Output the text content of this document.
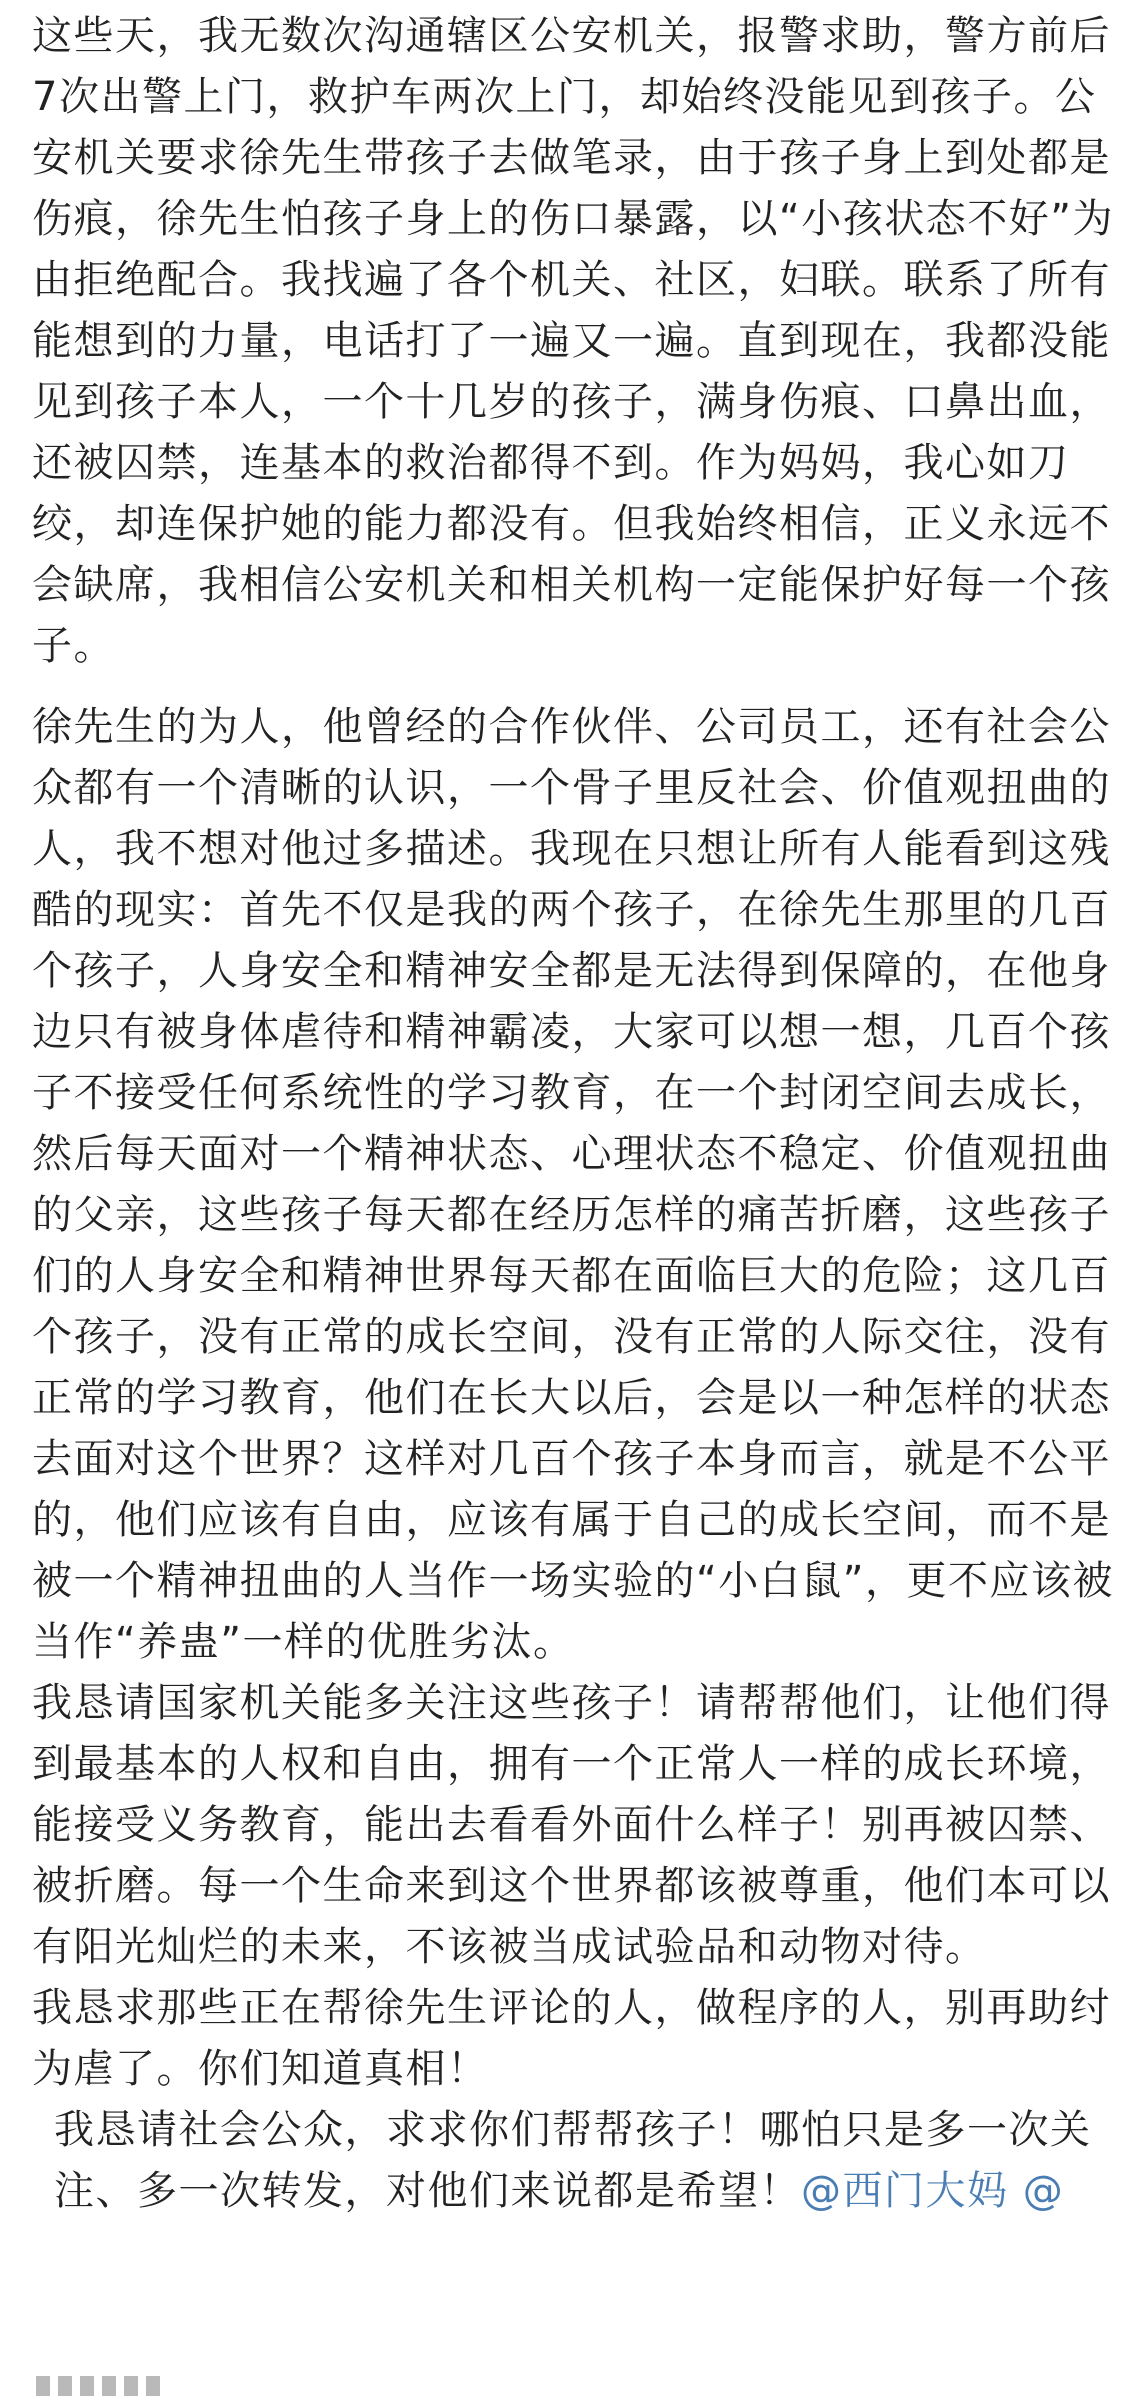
这些天，我无数次沟通辖区公安机关，报警求助，警方前后7次出警上门，救护车两次上门，却始终没能见到孩子。公安机关要求徐先生带孩子去做笔录，由于孩子身上到处都是伤痕，徐先生怕孩子身上的伤口暴露，以“小孩状态不好”为由拒绝配合。我找遍了各个机关、社区，妇联。联系了所有能想到的力量，电话打了一遍又一遍。直到现在，我都没能见到孩子本人，一个十几岁的孩子，满身伤痕、口鼻出血，还被囚禁，连基本的救治都得不到。作为妈妈，我心如刀绞，却连保护她的能力都没有。但我始终相信，正义永远不会缺席，我相信公安机关和相关机构一定能保护好每一个孩子。

徐先生的为人，他曾经的合作伙伴、公司员工，还有社会公众都有一个清晰的认识，一个骨子里反社会、价值观扭曲的人，我不想对他过多描述。我现在只想让所有人能看到这残酷的现实：首先不仅是我的两个孩子，在徐先生那里的几百个孩子，人身安全和精神安全都是无法得到保障的，在他身边只有被身体虐待和精神霸凌，大家可以想一想，几百个孩子不接受任何系统性的学习教育，在一个封闭空间去成长，然后每天面对一个精神状态、心理状态不稳定、价值观扭曲的父亲，这些孩子每天都在经历怎样的痛苦折磨，这些孩子们的人身安全和精神世界每天都在面临巨大的危险；这几百个孩子，没有正常的成长空间，没有正常的人际交往，没有正常的学习教育，他们在长大以后，会是以一种怎样的状态去面对这个世界？这样对几百个孩子本身而言，就是不公平的，他们应该有自由，应该有属于自己的成长空间，而不是被一个精神扭曲的人当作一场实验的“小白鼠”，更不应该被当作“养蛊”一样的优胜劣汰。

我恳请国家机关能多关注这些孩子！请帮帮他们，让他们得到最基本的人权和自由，拥有一个正常人一样的成长环境，能接受义务教育，能出去看看外面什么样子！别再被囚禁、被折磨。每一个生命来到这个世界都该被尊重，他们本可以有阳光灿烂的未来，不该被当成试验品和动物对待。

我恳求那些正在帮徐先生评论的人，做程序的人，别再助纣为虐了。你们知道真相！

我恳请社会公众，求求你们帮帮孩子！哪怕只是多一次关注、多一次转发，对他们来说都是希望！@西门大妈 @
